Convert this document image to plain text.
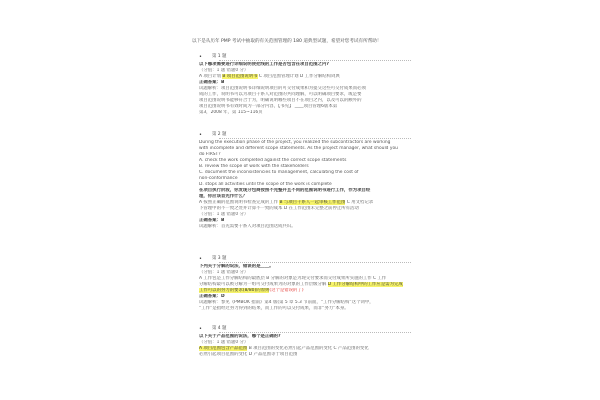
以下是从历年 PMP 考试中抽取的有关范围管理的 180 道典型试题，希望对您考试有所帮助！
• 第 1 题
以下哪项需要进行详细说明使把线的工作是否包含在项目范围之内?
（分值：1 题 错题0 分）
A 项目计划 B 项目范围说明书 C 项目范围管理计划 D 工作分解结构词典
正确答案：B
试题解析：项目范围说明书详细说明项目的可交付成果和为提交这些可交付成果而必须
成的工作，说明书可以为项目干系人对范围的共同理解，可以明确项目要求，或是要
项目范围说明书能够符合于为，明确说明哪些项目不在项目之内，以及可以的额外的
项目范围说明书有效时间为一部分内容，【书见】 ____项目管理6版本第
第3，2008 年，第 115~116页
• 第 2 题
During the execution phase of the project, you realized the subcontractors are working
with incomplete and different scope statements. As the project manager, what should you
do FIRST?
A. check the work completed against the correct scope statements
B. review the scope of work with the stakeholders
C. document the inconsistencies to management, calculating the cost of
non-conformance
D. stops all activities until the scope of the work is complete
在项目执行阶段，你发现分包商按照不完整并且不同的范围说明书进行工作，作为项目经
理，你应该首先作什么？
A 按照正确的范围说明书检查完成的工作 B 与项目干系人一起审核工作范围 C 用文档记录
下管理中的不一致之处并计算不一致的成本 D 在工作范围未完整之前停止所有活动
（分值：1 题 错题0 分）
正确答案：B
试题解析：首先需要干系人对项目范围达成共识。
• 第 3 题
下列关于分解的说法，错误的是____。
（分值：1 题 错题0 分）
A 工作包是工作分解结构的最底层 B 分解的对象是为现交付要求而交付成果所实施的工作 C 工作
分解结构最可以被分解为一组可交付成果为的对象的工作层级分解 D 工作分解结构中的工作应是需为完成
工作可以的努力的要求(8/80)的原则(这个是错误的了)
正确答案：D
试题解析：参见《PMBOK 指南》第4 版(第 5 章 5.3 节前面，“工作分解结构”这个词中，
“工作”是指经过努力得到的结果，而工作的可以交付成果，而非“努力”本身。
• 第 4 题
以下关于产品范围的说法，哪个是正确的?
（分值：1 题 错题0 分）
A 项目范围包含产品范围 B 项目范围的变化必然引起产品范围的变化 C 产品范围的变化
必然引起项目范围的变化 D 产品范围等于项目范围
